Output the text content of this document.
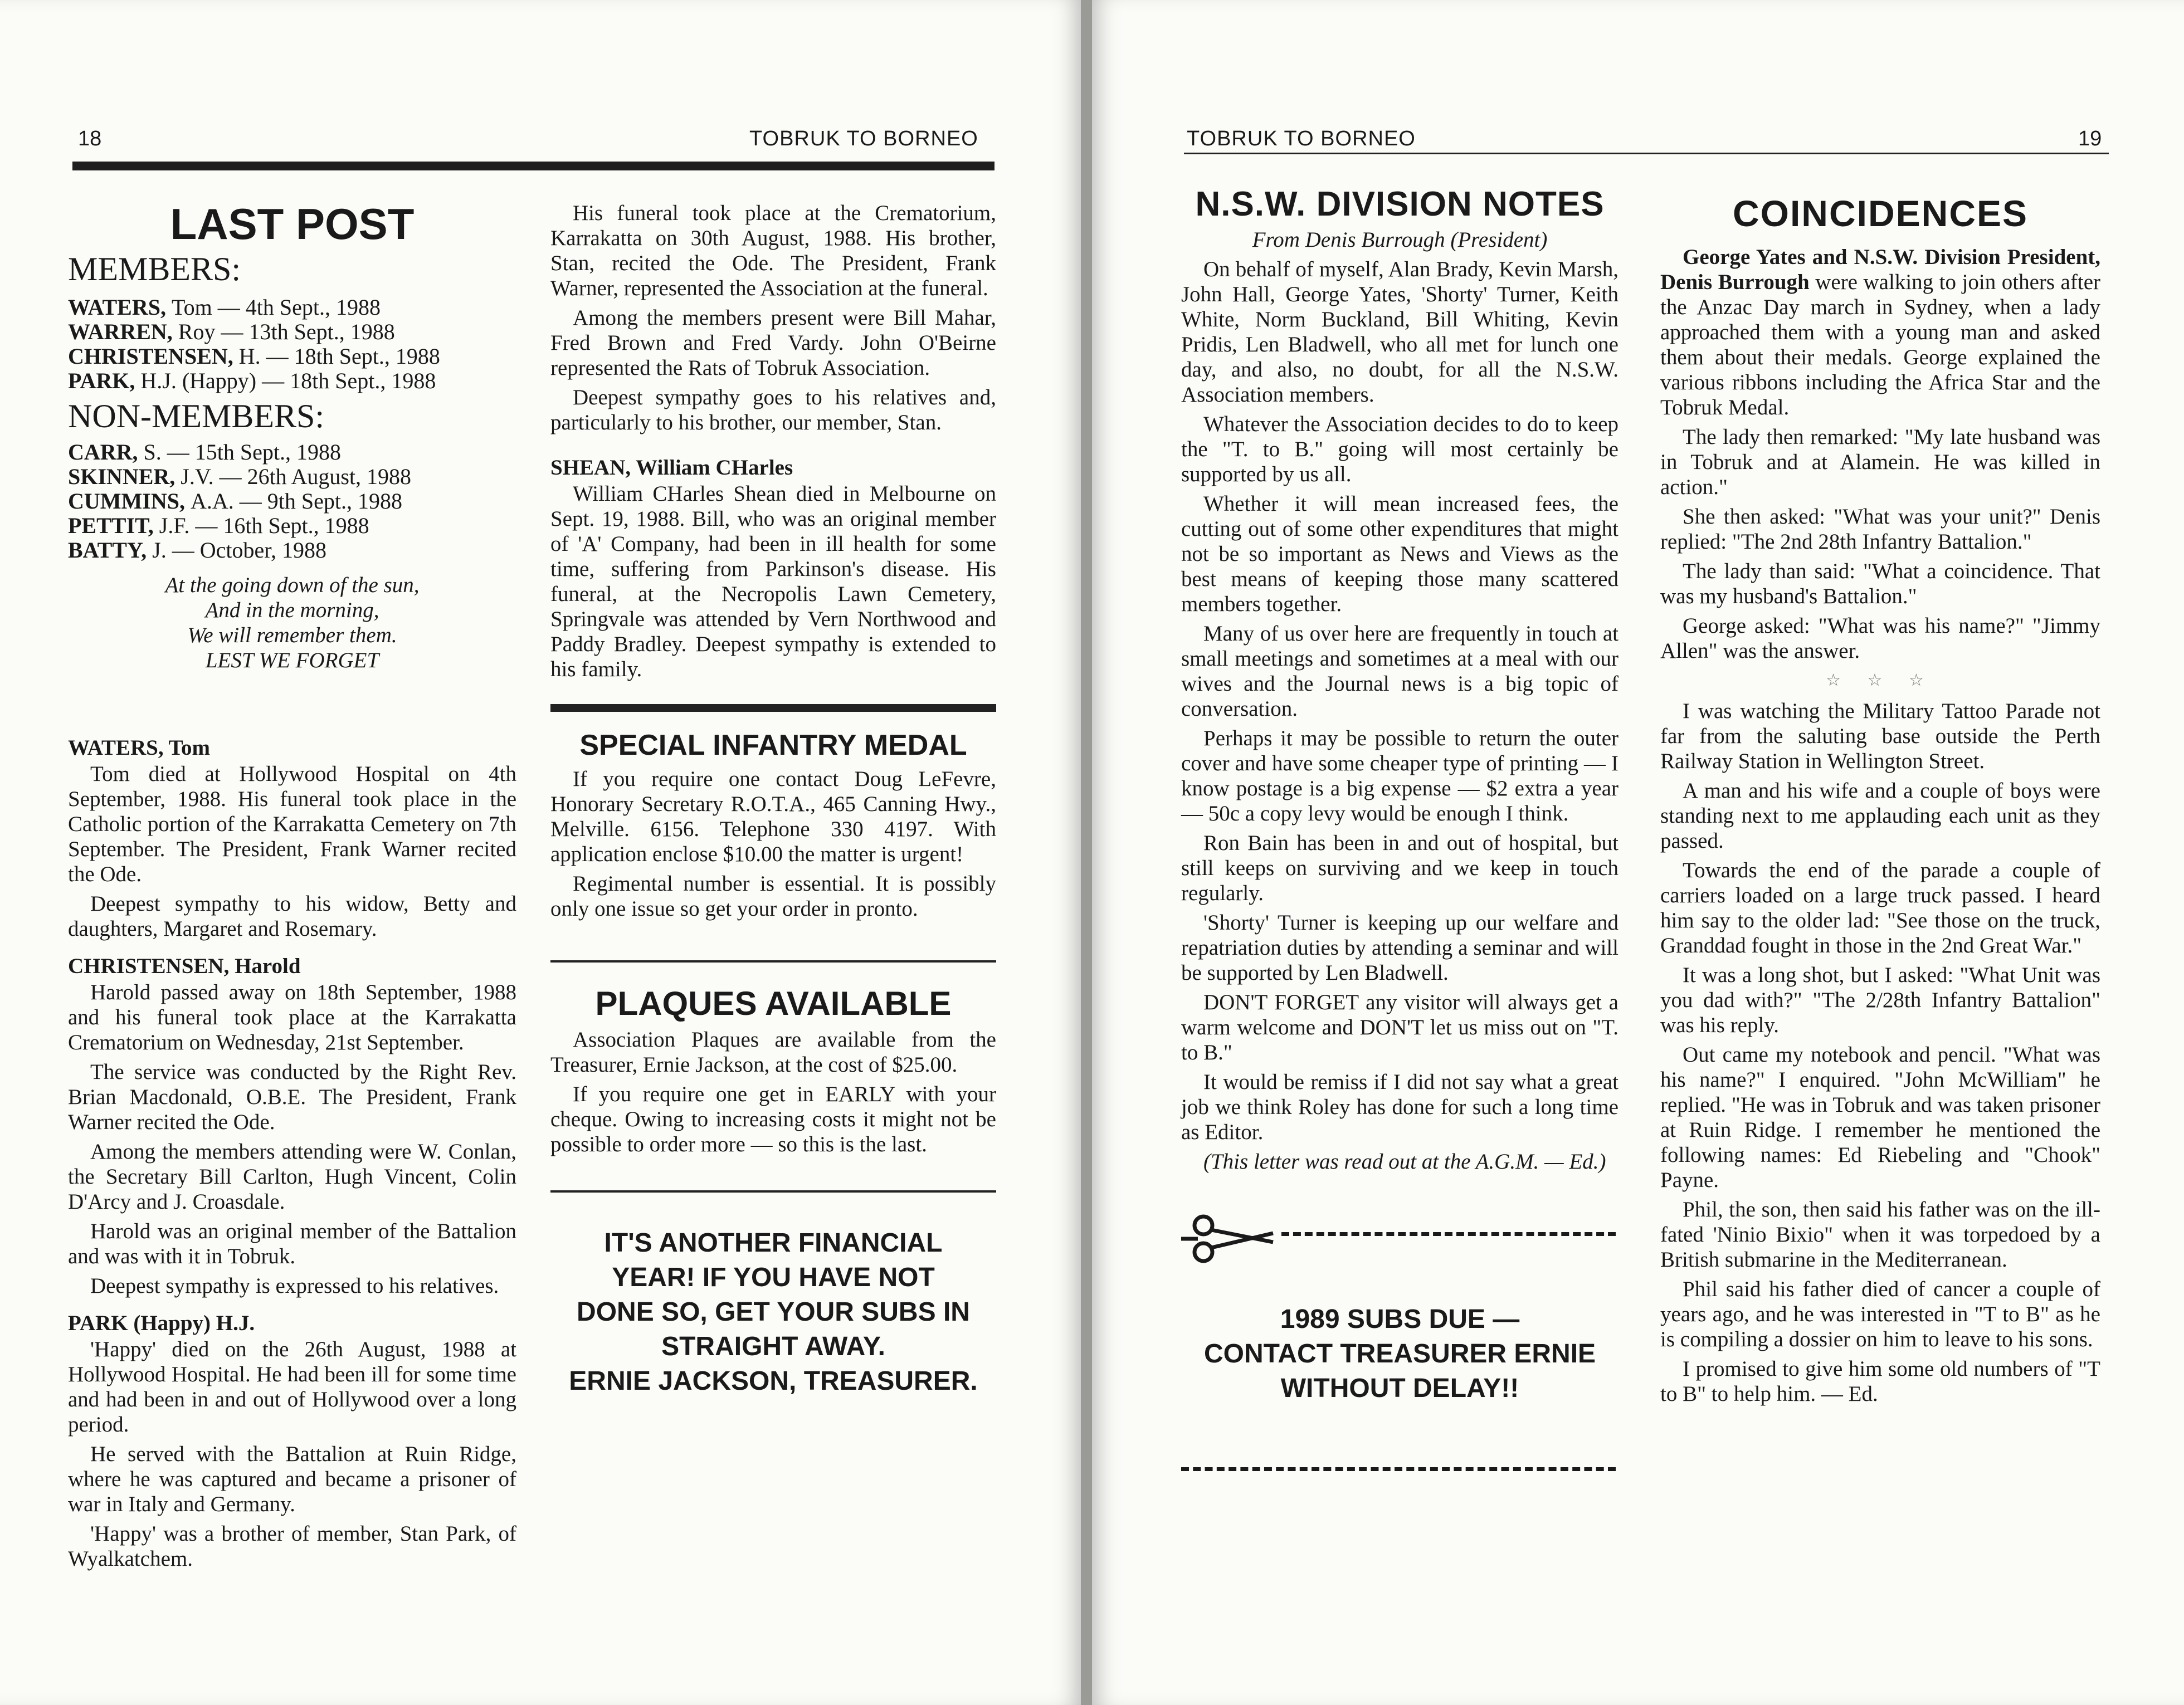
18	TOBRUK TO BORNEO
LAST POST
MEMBERS:
WATERS, Tom — 4th Sept., 1988
WARREN, Roy — 13th Sept., 1988
CHRISTENSEN, H. — 18th Sept., 1988
PARK, H.J. (Happy) — 18th Sept., 1988
NON-MEMBERS:
CARR, S. — 15th Sept., 1988
SKINNER, J.V. — 26th August, 1988
CUMMINS, A.A. — 9th Sept., 1988
PETTIT, J.F. — 16th Sept., 1988
BATTY, J. — October, 1988
At the going down of the sun,
And in the morning,
We will remember them.
LEST WE FORGET
WATERS, Tom

Tom died at Hollywood Hospital on 4th September, 1988. His funeral took place in the Catholic portion of the Karrakatta Cemetery on 7th September. The President, Frank Warner recited the Ode.

Deepest sympathy to his widow, Betty and daughters, Margaret and Rosemary.

CHRISTENSEN, Harold

Harold passed away on 18th September, 1988 and his funeral took place at the Karrakatta Crematorium on Wednesday, 21st September.

The service was conducted by the Right Rev. Brian Macdonald, O.B.E. The President, Frank Warner recited the Ode.

Among the members attending were W. Conlan, the Secretary Bill Carlton, Hugh Vincent, Colin D'Arcy and J. Croasdale.

Harold was an original member of the Battalion and was with it in Tobruk.

Deepest sympathy is expressed to his relatives.

PARK (Happy) H.J.

'Happy' died on the 26th August, 1988 at Hollywood Hospital. He had been ill for some time and had been in and out of Hollywood over a long period.

He served with the Battalion at Ruin Ridge, where he was captured and became a prisoner of war in Italy and Germany.

'Happy' was a brother of member, Stan Park, of Wyalkatchem.

His funeral took place at the Crematorium, Karrakatta on 30th August, 1988. His brother, Stan, recited the Ode. The President, Frank Warner, represented the Association at the funeral.

Among the members present were Bill Mahar, Fred Brown and Fred Vardy. John O'Beirne represented the Rats of Tobruk Association.

Deepest sympathy goes to his relatives and, particularly to his brother, our member, Stan.

SHEAN, William CHarles

William CHarles Shean died in Melbourne on Sept. 19, 1988. Bill, who was an original member of 'A' Company, had been in ill health for some time, suffering from Parkinson's disease. His funeral, at the Necropolis Lawn Cemetery, Springvale was attended by Vern Northwood and Paddy Bradley. Deepest sympathy is extended to his family.

SPECIAL INFANTRY MEDAL

If you require one contact Doug LeFevre, Honorary Secretary R.O.T.A., 465 Canning Hwy., Melville. 6156. Telephone 330 4197. With application enclose $10.00 the matter is urgent!

Regimental number is essential. It is possibly only one issue so get your order in pronto.

PLAQUES AVAILABLE

Association Plaques are available from the Treasurer, Ernie Jackson, at the cost of $25.00.

If you require one get in EARLY with your cheque. Owing to increasing costs it might not be possible to order more — so this is the last.

IT'S ANOTHER FINANCIAL
YEAR! IF YOU HAVE NOT
DONE SO, GET YOUR SUBS IN
STRAIGHT AWAY.
ERNIE JACKSON, TREASURER.
TOBRUK TO BORNEO	19
N.S.W. DIVISION NOTES
From Denis Burrough (President)

On behalf of myself, Alan Brady, Kevin Marsh, John Hall, George Yates, 'Shorty' Turner, Keith White, Norm Buckland, Bill Whiting, Kevin Pridis, Len Bladwell, who all met for lunch one day, and also, no doubt, for all the N.S.W. Association members.

Whatever the Association decides to do to keep the "T. to B." going will most certainly be supported by us all.

Whether it will mean increased fees, the cutting out of some other expenditures that might not be so important as News and Views as the best means of keeping those many scattered members together.

Many of us over here are frequently in touch at small meetings and sometimes at a meal with our wives and the Journal news is a big topic of conversation.

Perhaps it may be possible to return the outer cover and have some cheaper type of printing — I know postage is a big expense — $2 extra a year — 50c a copy levy would be enough I think.

Ron Bain has been in and out of hospital, but still keeps on surviving and we keep in touch regularly.

'Shorty' Turner is keeping up our welfare and repatriation duties by attending a seminar and will be supported by Len Bladwell.

DON'T FORGET any visitor will always get a warm welcome and DON'T let us miss out on "T. to B."

It would be remiss if I did not say what a great job we think Roley has done for such a long time as Editor.

(This letter was read out at the A.G.M. — Ed.)

1989 SUBS DUE —
CONTACT TREASURER ERNIE
WITHOUT DELAY!!
COINCIDENCES

George Yates and N.S.W. Division President, Denis Burrough were walking to join others after the Anzac Day march in Sydney, when a lady approached them with a young man and asked them about their medals. George explained the various ribbons including the Africa Star and the Tobruk Medal.

The lady then remarked: "My late husband was in Tobruk and at Alamein. He was killed in action."

She then asked: "What was your unit?" Denis replied: "The 2nd 28th Infantry Battalion."

The lady than said: "What a coincidence. That was my husband's Battalion."

George asked: "What was his name?" "Jimmy Allen" was the answer.

☆ ☆ ☆

I was watching the Military Tattoo Parade not far from the saluting base outside the Perth Railway Station in Wellington Street.

A man and his wife and a couple of boys were standing next to me applauding each unit as they passed.

Towards the end of the parade a couple of carriers loaded on a large truck passed. I heard him say to the older lad: "See those on the truck, Granddad fought in those in the 2nd Great War."

It was a long shot, but I asked: "What Unit was you dad with?" "The 2/28th Infantry Battalion" was his reply.

Out came my notebook and pencil. "What was his name?" I enquired. "John McWilliam" he replied. "He was in Tobruk and was taken prisoner at Ruin Ridge. I remember he mentioned the following names: Ed Riebeling and "Chook" Payne.

Phil, the son, then said his father was on the ill-fated 'Ninio Bixio" when it was torpedoed by a British submarine in the Mediterranean.

Phil said his father died of cancer a couple of years ago, and he was interested in "T to B" as he is compiling a dossier on him to leave to his sons.

I promised to give him some old numbers of "T to B" to help him. — Ed.
